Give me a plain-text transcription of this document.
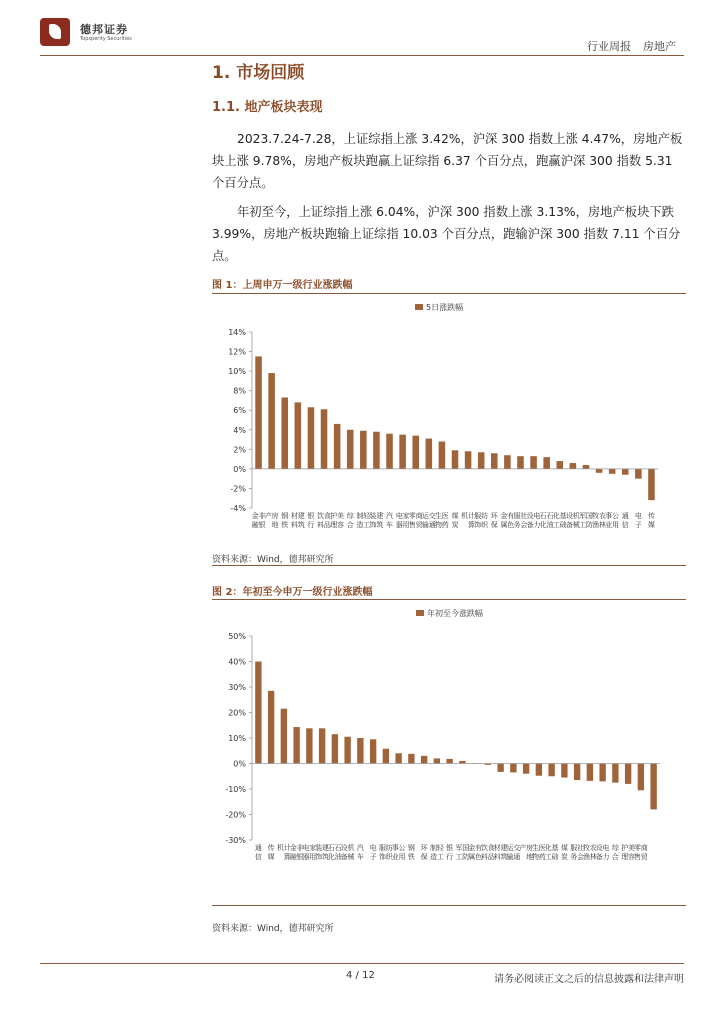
德邦证券
Topsperity Securities
行业周报 房地产
1. 市场回顾
1.1. 地产板块表现

2023.7.24-7.28，上证综指上涨 3.42%，沪深 300 指数上涨 4.47%，房地产板块上涨 9.78%，房地产板块跑赢上证综指 6.37 个百分点，跑赢沪深 300 指数 5.31 个百分点。

年初至今，上证综指上涨 6.04%，沪深 300 指数上涨 3.13%，房地产板块下跌 3.99%，房地产板块跑输上证综指 10.03 个百分点，跑输沪深 300 指数 7.11 个百分点。

图 1：上周申万一级行业涨跌幅
5日涨跌幅
-4%
-2%
0%
2%
4%
6%
8%
10%
12%
14%
非
银
金
融
房
地
产 钢
铁
建
筑
材
料
银
行
食
品
饮
料
美
容
护
理
综
合
轻
工
制
造
建
筑
装
饰
汽
车
家
用
电
器
商
贸
零
售
交
通
运
输
医
药
生
物
煤
炭
计
算
机 纺
织
服
饰
环
保
有
色
金
属
社
会
服
务
电
力
设
备
石
油
石
化
基
础
化
工
机
械
设
备
国
防
军
工
农
林
牧
渔
公
用
事
业
通
信
电
子
传
媒
资料来源：Wind，德邦研究所
图 2：年初至今申万一级行业涨跌幅
年初至今涨跌幅
-30%
-20%
-10%
0%
10%
20%
30%
40%
50%
通
信
传
媒
计
算
机 非
银
金
融
家
用
电
器
建
筑
装
饰
石
油
石
化
机
械
设
备
汽
车
电
子
纺
织
服
饰
公
用
事
业
钢
铁
环
保
轻
工
制
造
银
行
国
防
军
工
有
色
金
属
食
品
饮
料
建
筑
材
料
交
通
运
输
房
地
产 医
药
生
物
基
础
化
工
煤
炭
社
会
服
务
农
林
牧
渔
电
力
设
备
综
合
美
容
护
理
商
贸
零
售
资料来源：Wind，德邦研究所
4 / 12	请务必阅读正文之后的信息披露和法律声明
